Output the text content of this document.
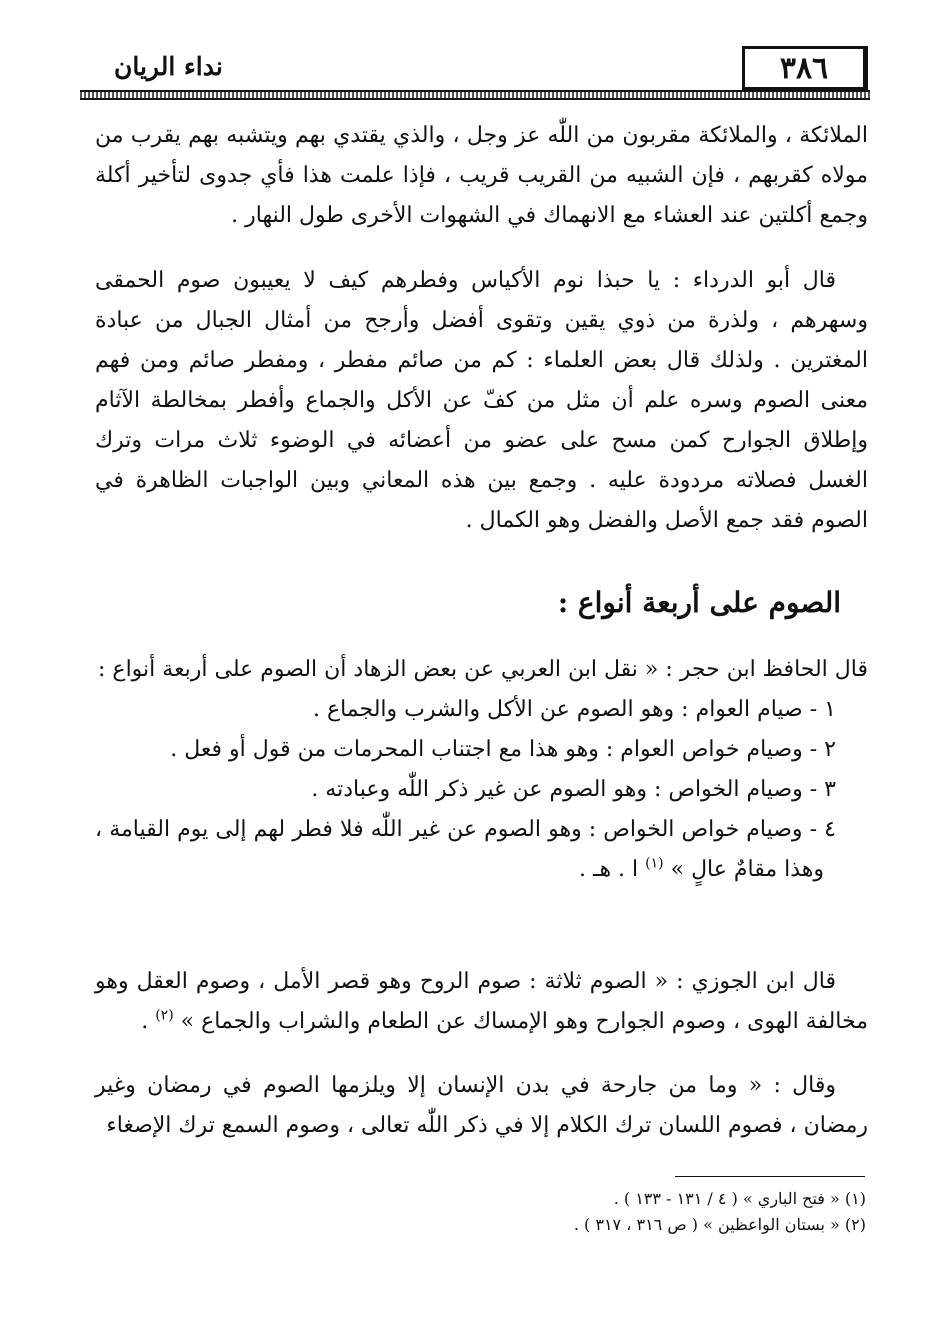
٣٨٦
نداء الريان

الملائكة ، والملائكة مقربون من اللّٰه عز وجل ، والذي يقتدي بهم ويتشبه بهم يقرب من مولاه كقربهم ، فإن الشبيه من القريب قريب ، فإذا علمت هذا فأي جدوى لتأخير أكلة وجمع أكلتين عند العشاء مع الانهماك في الشهوات الأخرى طول النهار .

قال أبو الدرداء : يا حبذا نوم الأكياس وفطرهم كيف لا يعيبون صوم الحمقى وسهرهم ، ولذرة من ذوي يقين وتقوى أفضل وأرجح من أمثال الجبال من عبادة المغترين . ولذلك قال بعض العلماء : كم من صائم مفطر ، ومفطر صائم ومن فهم معنى الصوم وسره علم أن مثل من كفّ عن الأكل والجماع وأفطر بمخالطة الآثام وإطلاق الجوارح كمن مسح على عضو من أعضائه في الوضوء ثلاث مرات وترك الغسل فصلاته مردودة عليه . وجمع بين هذه المعاني وبين الواجبات الظاهرة في الصوم فقد جمع الأصل والفضل وهو الكمال .

الصوم على أربعة أنواع :

قال الحافظ ابن حجر : « نقل ابن العربي عن بعض الزهاد أن الصوم على أربعة أنواع :

١ - صيام العوام : وهو الصوم عن الأكل والشرب والجماع .

٢ - وصيام خواص العوام : وهو هذا مع اجتناب المحرمات من قول أو فعل .

٣ - وصيام الخواص : وهو الصوم عن غير ذكر اللّٰه وعبادته .

٤ - وصيام خواص الخواص : وهو الصوم عن غير اللّٰه فلا فطر لهم إلى يوم القيامة ، وهذا مقامٌ عالٍ » $^{(١)}$ ا . هـ .

قال ابن الجوزي : « الصوم ثلاثة : صوم الروح وهو قصر الأمل ، وصوم العقل وهو مخالفة الهوى ، وصوم الجوارح وهو الإمساك عن الطعام والشراب والجماع » $^{(٢)}$ .

وقال : « وما من جارحة في بدن الإنسان إلا ويلزمها الصوم في رمضان وغير رمضان ، فصوم اللسان ترك الكلام إلا في ذكر اللّٰه تعالى ، وصوم السمع ترك الإصغاء

(١) « فتح الباري » ( ٤ / ١٣١ - ١٣٣ ) .

(٢) « بستان الواعظين » ( ص ٣١٦ ، ٣١٧ ) .
